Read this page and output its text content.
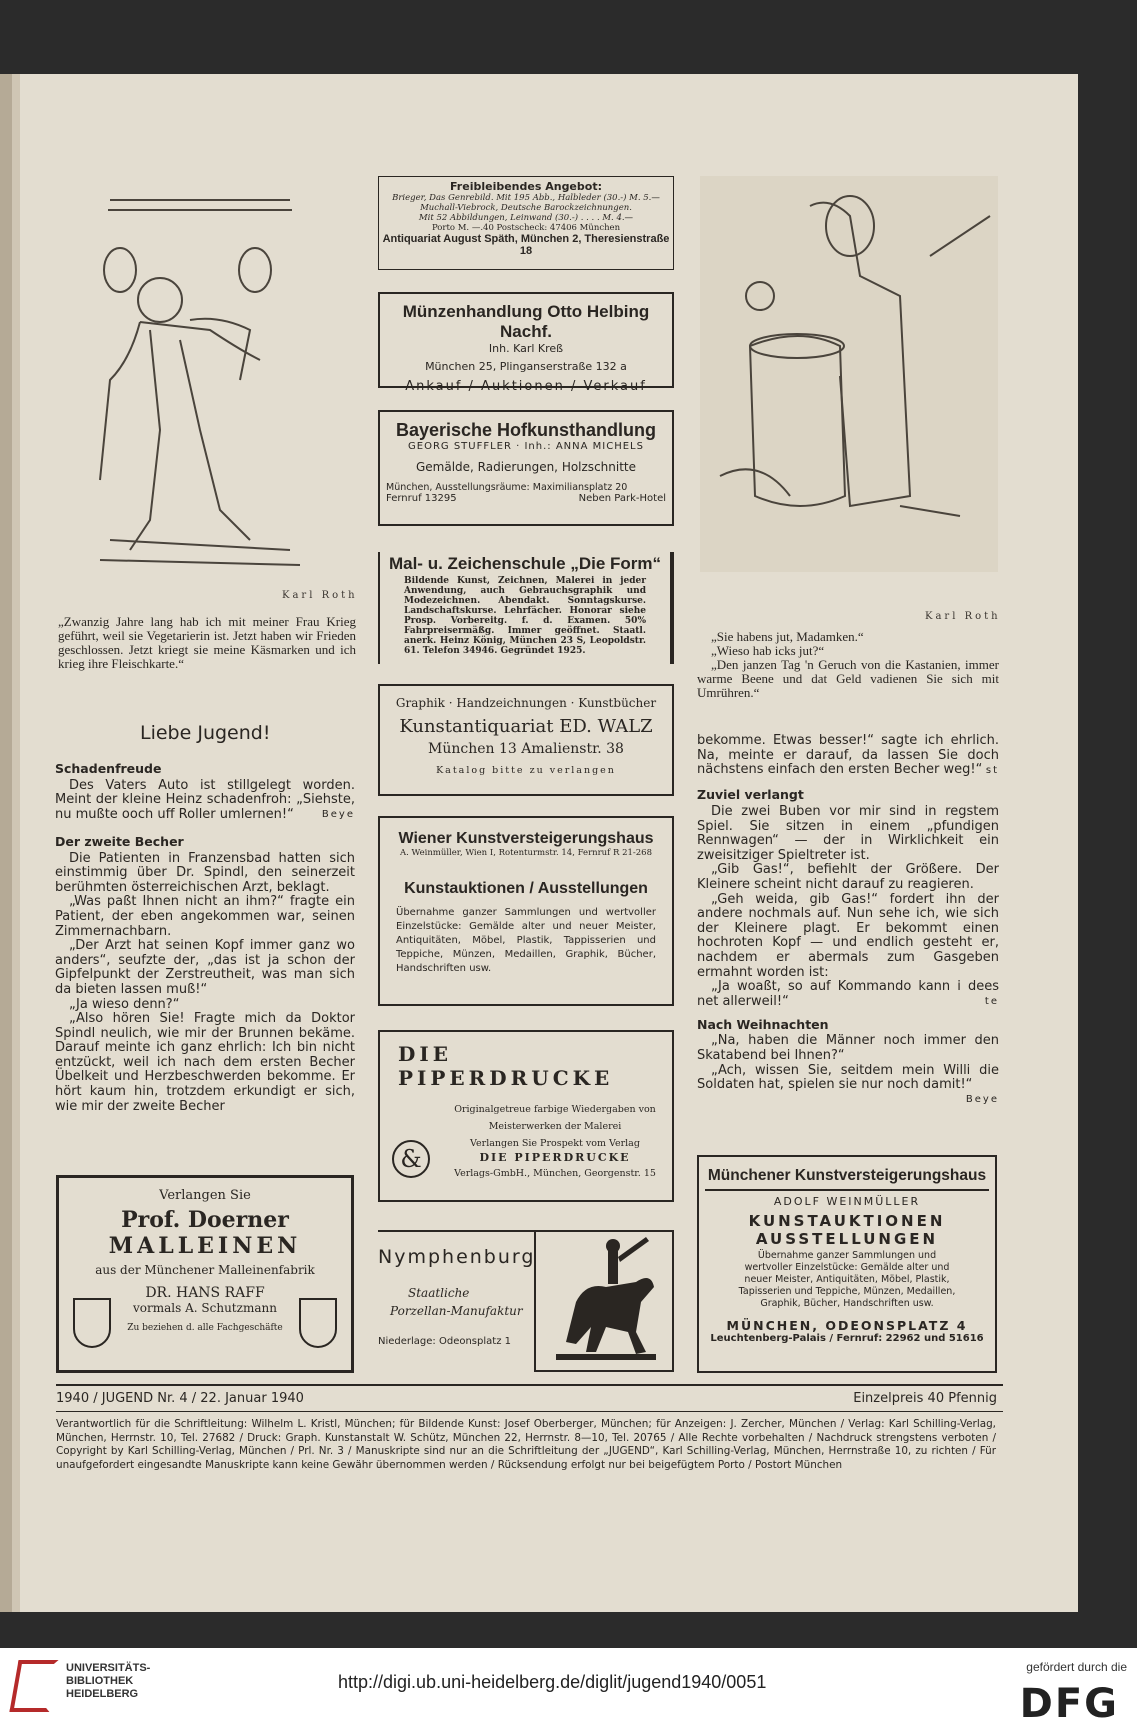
Karl Roth
„Zwanzig Jahre lang hab ich mit meiner Frau Krieg geführt, weil sie Vegetarierin ist. Jetzt haben wir Frieden geschlossen. Jetzt kriegt sie meine Käsmarken und ich krieg ihre Fleischkarte.“
Liebe Jugend!
Schadenfreude

Des Vaters Auto ist stillgelegt worden. Meint der kleine Heinz schadenfroh: „Siehste, nu mußte ooch uff Roller umlernen!“	Beye
Der zweite Becher

Die Patienten in Franzensbad hatten sich einstimmig über Dr. Spindl, den seinerzeit berühmten österreichischen Arzt, beklagt.

„Was paßt Ihnen nicht an ihm?“ fragte ein Patient, der eben angekommen war, seinen Zimmernachbarn.

„Der Arzt hat seinen Kopf immer ganz wo anders“, seufzte der, „das ist ja schon der Gipfelpunkt der Zerstreutheit, was man sich da bieten lassen muß!“

„Ja wieso denn?“

„Also hören Sie! Fragte mich da Doktor Spindl neulich, wie mir der Brunnen bekäme. Darauf meinte ich ganz ehrlich: Ich bin nicht entzückt, weil ich nach dem ersten Becher Übelkeit und Herzbeschwerden bekomme. Er hört kaum hin, trotzdem erkundigt er sich, wie mir der zweite Becher

Verlangen Sie
Prof. Doerner
MALLEINEN
aus der Münchener Malleinenfabrik
DR. HANS RAFF
vormals A. Schutzmann
Zu beziehen d. alle Fachgeschäfte
Freibleibendes Angebot:
Brieger, Das Genrebild. Mit 195 Abb., Halbleder (30.-) M. 5.—
Muchall-Viebrock, Deutsche Barockzeichnungen.
Mit 52 Abbildungen, Leinwand (30.-) . . . . M. 4.—
Porto M. —.40 Postscheck: 47406 München
Antiquariat August Späth, München 2, Theresienstraße 18
Münzenhandlung Otto Helbing Nachf.
Inh. Karl Kreß
München 25, Plinganserstraße 132 a
Ankauf / Auktionen / Verkauf
Bayerische Hofkunsthandlung
GEORG STUFFLER · Inh.: ANNA MICHELS
Gemälde, Radierungen, Holzschnitte
München, Ausstellungsräume: Maximiliansplatz 20
Fernruf 13295	Neben Park-Hotel
Mal- u. Zeichenschule „Die Form“
Bildende Kunst, Zeichnen, Malerei in jeder Anwendung, auch Gebrauchsgraphik und Modezeichnen. Abendakt. Sonntagskurse. Landschaftskurse. Lehrfächer. Honorar siehe Prosp. Vorbereitg. f. d. Examen. 50% Fahrpreisermäßg. Immer geöffnet. Staatl. anerk. Heinz König, München 23 S, Leopoldstr. 61. Telefon 34946. Gegründet 1925.
Graphik · Handzeichnungen · Kunstbücher
Kunstantiquariat ED. WALZ
München 13 Amalienstr. 38
Katalog bitte zu verlangen
Wiener Kunstversteigerungshaus
A. Weinmüller, Wien I, Rotenturmstr. 14, Fernruf R 21-268
Kunstauktionen / Ausstellungen
Übernahme ganzer Sammlungen und wertvoller Einzelstücke: Gemälde alter und neuer Meister, Antiquitäten, Möbel, Plastik, Tappisserien und Teppiche, Münzen, Medaillen, Graphik, Bücher, Handschriften usw.
DIE
PIPERDRUCKE
&
Originalgetreue farbige Wiedergaben von
Meisterwerken der Malerei
Verlangen Sie Prospekt vom Verlag
DIE PIPERDRUCKE
Verlags-GmbH., München, Georgenstr. 15
Nymphenburg
Staatliche
Porzellan-Manufaktur
Niederlage: Odeonsplatz 1
Karl Roth
„Sie habens jut, Madamken.“
„Wieso hab icks jut?“
„Den janzen Tag 'n Geruch von die Kastanien, immer warme Beene und dat Geld vadienen Sie sich mit Umrühren.“

bekomme. Etwas besser!“ sagte ich ehrlich. Na, meinte er darauf, da lassen Sie doch nächstens einfach den ersten Becher weg!“ st
Zuviel verlangt

Die zwei Buben vor mir sind in regstem Spiel. Sie sitzen in einem „pfundigen Rennwagen“ — der in Wirklichkeit ein zweisitziger Spieltreter ist.

„Gib Gas!“, befiehlt der Größere. Der Kleinere scheint nicht darauf zu reagieren.

„Geh weida, gib Gas!“ fordert ihn der andere nochmals auf. Nun sehe ich, wie sich der Kleinere plagt. Er bekommt einen hochroten Kopf — und endlich gesteht er, nachdem er abermals zum Gasgeben ermahnt worden ist:

„Ja woaßt, so auf Kommando kann i dees net allerweil!“	te
Nach Weihnachten

„Na, haben die Männer noch immer den Skatabend bei Ihnen?“

„Ach, wissen Sie, seitdem mein Willi die Soldaten hat, spielen sie nur noch damit!“

Beye
Münchener Kunstversteigerungshaus
ADOLF WEINMÜLLER
KUNSTAUKTIONEN
AUSSTELLUNGEN
Übernahme ganzer Sammlungen und wertvoller Einzelstücke: Gemälde alter und neuer Meister, Antiquitäten, Möbel, Plastik, Tapisserien und Teppiche, Münzen, Medaillen, Graphik, Bücher, Handschriften usw.
MÜNCHEN, ODEONSPLATZ 4
Leuchtenberg-Palais / Fernruf: 22962 und 51616
1940 / JUGEND Nr. 4 / 22. Januar 1940	Einzelpreis 40 Pfennig
Verantwortlich für die Schriftleitung: Wilhelm L. Kristl, München; für Bildende Kunst: Josef Oberberger, München; für Anzeigen: J. Zercher, München / Verlag: Karl Schilling-Verlag, München, Herrnstr. 10, Tel. 27682 / Druck: Graph. Kunstanstalt W. Schütz, München 22, Herrnstr. 8—10, Tel. 20765 / Alle Rechte vorbehalten / Nachdruck strengstens verboten / Copyright by Karl Schilling-Verlag, München / Prl. Nr. 3 / Manuskripte sind nur an die Schriftleitung der „JUGEND“, Karl Schilling-Verlag, München, Herrnstraße 10, zu richten / Für unaufgefordert eingesandte Manuskripte kann keine Gewähr übernommen werden / Rücksendung erfolgt nur bei beigefügtem Porto / Postort München
UNIVERSITÄTS-
BIBLIOTHEK
HEIDELBERG
http://digi.ub.uni-heidelberg.de/diglit/jugend1940/0051
gefördert durch die
DFG
